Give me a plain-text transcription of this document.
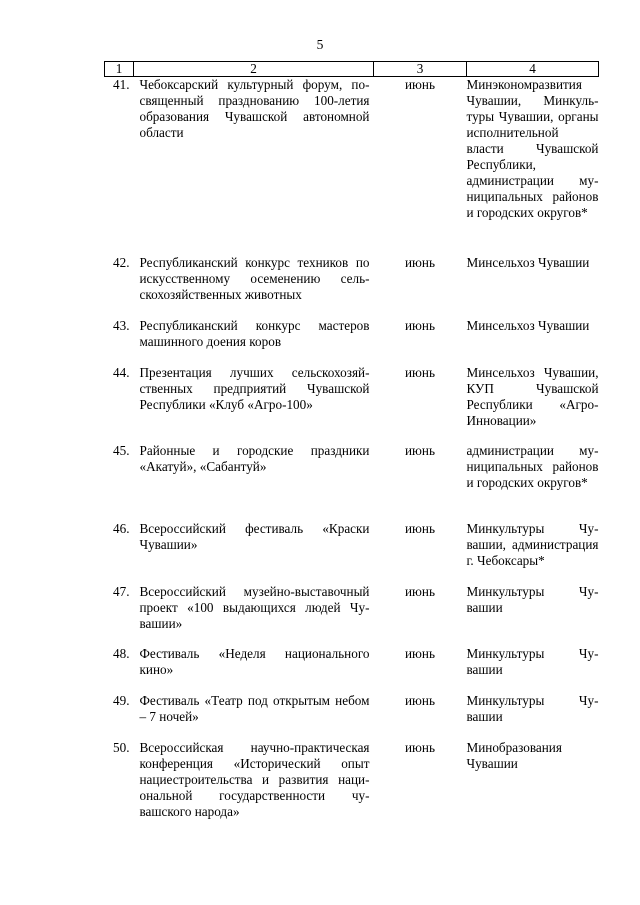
5
1	2	3	4
41.	Чебоксарский культурный форум, посвященный празднованию 100-летия образования Чувашской автономной области	июнь	Минэкономразвития Чувашии, Минкультуры Чувашии, органы исполнительной власти Чувашской Республики, администрации муниципальных районов и городских округов*
42.	Республиканский конкурс техников по искусственному осеменению сельскохозяйственных животных	июнь	Минсельхоз Чувашии
43.	Республиканский конкурс мастеров машинного доения коров	июнь	Минсельхоз Чувашии
44.	Презентация лучших сельскохозяйственных предприятий Чувашской Республики «Клуб «Агро-100»	июнь	Минсельхоз Чувашии, КУП Чувашской Республики «Агро-Инновации»
45.	Районные и городские праздники «Акатуй», «Сабантуй»	июнь	администрации муниципальных районов и городских округов*
46.	Всероссийский фестиваль «Краски Чувашии»	июнь	Минкультуры Чувашии, администрация г. Чебоксары*
47.	Всероссийский музейно-выставочный проект «100 выдающихся людей Чувашии»	июнь	Минкультуры Чувашии
48.	Фестиваль «Неделя национального кино»	июнь	Минкультуры Чувашии
49.	Фестиваль «Театр под открытым небом – 7 ночей»	июнь	Минкультуры Чувашии
50.	Всероссийская научно-практическая конференция «Исторический опыт нациестроительства и развития национальной государственности чувашского народа»	июнь	Минобразования Чувашии
